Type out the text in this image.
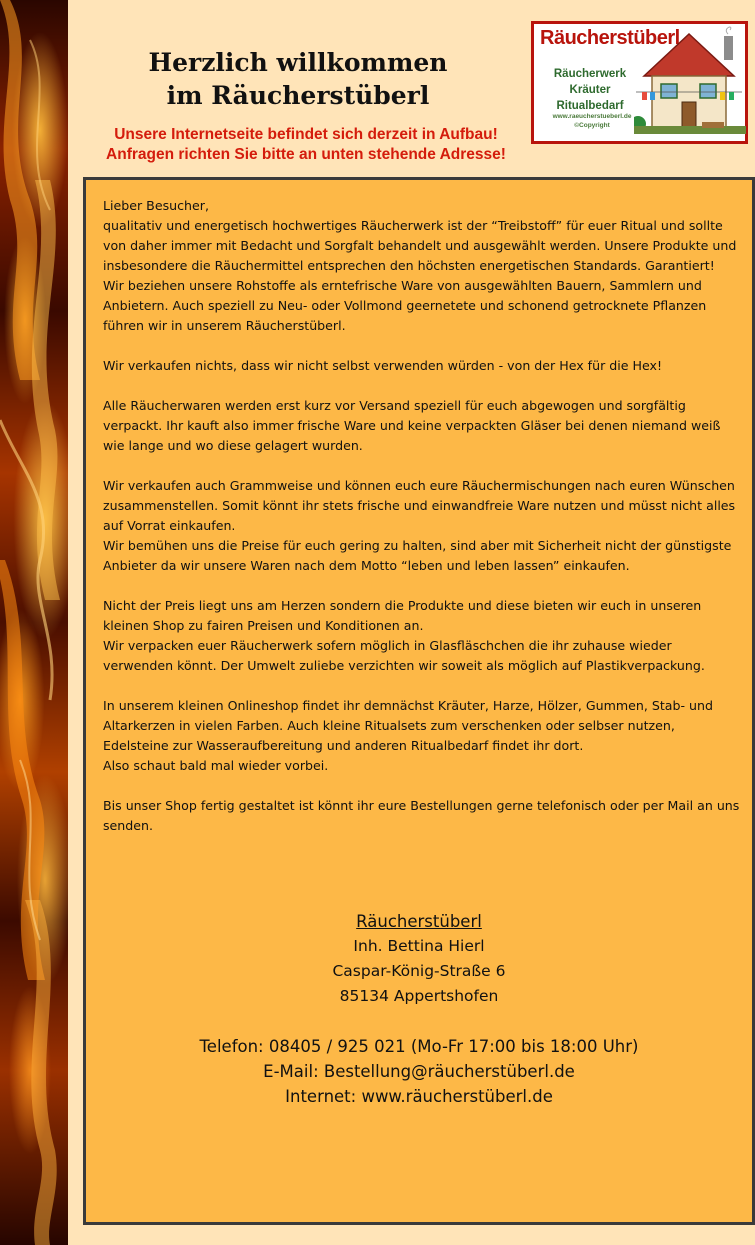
Herzlich willkommen im Räucherstüberl
Unsere Internetseite befindet sich derzeit in Aufbau!
Anfragen richten Sie bitte an unten stehende Adresse!
Räucherstüberl
Räucherwerk
Kräuter
Ritualbedarf
www.raeucherstueberl.de
©Copyright

Lieber Besucher,
qualitativ und energetisch hochwertiges Räucherwerk ist der “Treibstoff” für euer Ritual und sollte von daher immer mit Bedacht und Sorgfalt behandelt und ausgewählt werden. Unsere Produkte und insbesondere die Räuchermittel entsprechen den höchsten energetischen Standards. Garantiert!
Wir beziehen unsere Rohstoffe als erntefrische Ware von ausgewählten Bauern, Sammlern und Anbietern. Auch speziell zu Neu- oder Vollmond geernetete und schonend getrocknete Pflanzen führen wir in unserem Räucherstüberl.

Wir verkaufen nichts, dass wir nicht selbst verwenden würden - von der Hex für die Hex!

Alle Räucherwaren werden erst kurz vor Versand speziell für euch abgewogen und sorgfältig verpackt. Ihr kauft also immer frische Ware und keine verpackten Gläser bei denen niemand weiß wie lange und wo diese gelagert wurden.

Wir verkaufen auch Grammweise und können euch eure Räuchermischungen nach euren Wünschen zusammenstellen. Somit könnt ihr stets frische und einwandfreie Ware nutzen und müsst nicht alles auf Vorrat einkaufen.
Wir bemühen uns die Preise für euch gering zu halten, sind aber mit Sicherheit nicht der günstigste Anbieter da wir unsere Waren nach dem Motto “leben und leben lassen” einkaufen.

Nicht der Preis liegt uns am Herzen sondern die Produkte und diese bieten wir euch in unseren kleinen Shop zu fairen Preisen und Konditionen an.
Wir verpacken euer Räucherwerk sofern möglich in Glasfläschchen die ihr zuhause wieder verwenden könnt. Der Umwelt zuliebe verzichten wir soweit als möglich auf Plastikverpackung.

In unserem kleinen Onlineshop findet ihr demnächst Kräuter, Harze, Hölzer, Gummen, Stab- und Altarkerzen in vielen Farben. Auch kleine Ritualsets zum verschenken oder selbser nutzen, Edelsteine zur Wasseraufbereitung und anderen Ritualbedarf findet ihr dort.
Also schaut bald mal wieder vorbei.

Bis unser Shop fertig gestaltet ist könnt ihr eure Bestellungen gerne telefonisch oder per Mail an uns senden.

Räucherstüberl
Inh. Bettina Hierl
Caspar-König-Straße 6
85134 Appertshofen
Telefon: 08405 / 925 021 (Mo-Fr 17:00 bis 18:00 Uhr)
E-Mail: Bestellung@räucherstüberl.de
Internet: www.räucherstüberl.de
